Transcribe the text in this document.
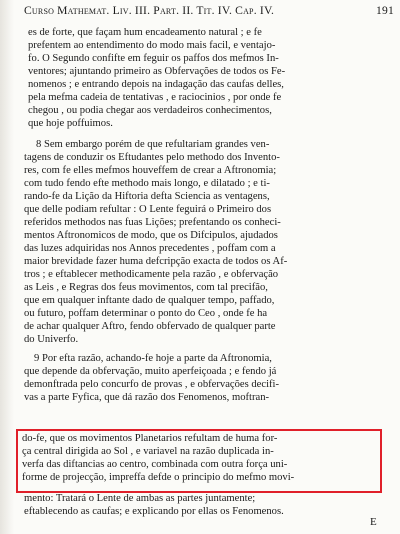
Curso Mathemat. Liv. III. Part. II. Tit. IV. Cap. IV.	191
es de forte, que façam hum encadeamento natural ; e fe
prefentem ao entendimento do modo mais facil, e ventajo-
fo. O Segundo confifte em feguir os paffos dos mefmos In-
ventores; ajuntando primeiro as Obfervações de todos os Fe-
nomenos ; e entrando depois na indagação das caufas delles,
pela mefma cadeia de tentativas , e raciocinios , por onde fe
chegou , ou podia chegar aos verdadeiros conhecimentos,
que hoje poffuimos.
8 Sem embargo porém de que refultariam grandes ven-
tagens de conduzir os Eftudantes pelo methodo dos Invento-
res, com fe elles mefmos houveffem de crear a Aftronomia;
com tudo fendo efte methodo mais longo, e dilatado ; e ti-
rando-fe da Lição da Hiftoria defta Sciencia as ventagens,
que delle podiam refultar : O Lente feguirá o Primeiro dos
referidos methodos nas fuas Lições; prefentando os conheci-
mentos Aftronomicos de modo, que os Difcipulos, ajudados
das luzes adquiridas nos Annos precedentes , poffam com a
maior brevidade fazer huma defcripção exacta de todos os Af-
tros ; e eftablecer methodicamente pela razão , e obfervação
as Leis , e Regras dos feus movimentos, com tal precifão,
que em qualquer inftante dado de qualquer tempo, paffado,
ou futuro, poffam determinar o ponto do Ceo , onde fe ha
de achar qualquer Aftro, fendo obfervado de qualquer parte
do Univerfo.
9 Por efta razão, achando-fe hoje a parte da Aftronomia,
que depende da obfervação, muito aperfeiçoada ; e fendo já
demonftrada pelo concurfo de provas , e obfervações decifi-
vas a parte Fyfica, que dá razão dos Fenomenos, moftran-
do-fe, que os movimentos Planetarios refultam de huma for-
ça central dirigida ao Sol , e variavel na razão duplicada in-
verfa das diftancias ao centro, combinada com outra força uni-
forme de projecção, impreffa defde o principio do mefmo movi-
mento: Tratará o Lente de ambas as partes juntamente;
eftablecendo as caufas; e explicando por ellas os Fenomenos.
E
